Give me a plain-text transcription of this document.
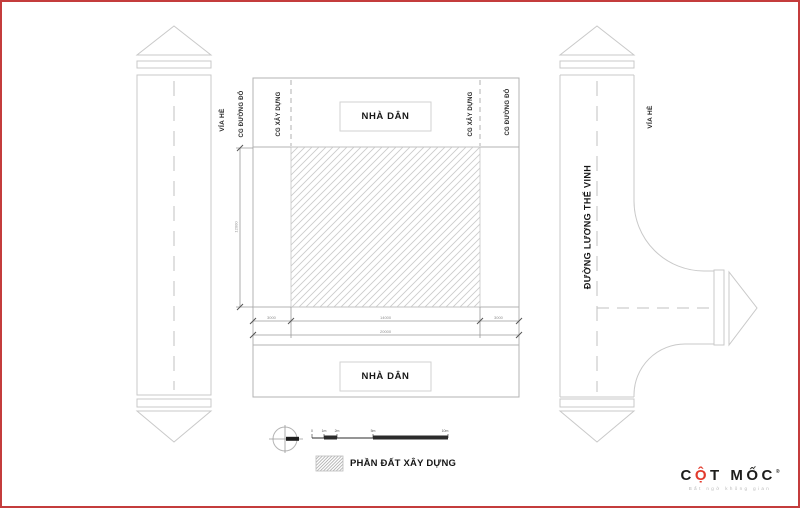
VỈA HÈ CG ĐƯỜNG ĐỎ	CG XÂY DỰNG	CG XÂY DỰNG	CG ĐƯỜNG ĐỎ
NHÀ DÂN
NHÀ DÂN
ĐƯỜNG LƯƠNG THẾ VINH
VỈA HÈ
3000	14000	3000
20000
12000
0 1m 2m	5m	10m
PHẦN ĐẤT XÂY DỰNG
CỘT MỐC®
Bất ngờ không gian
